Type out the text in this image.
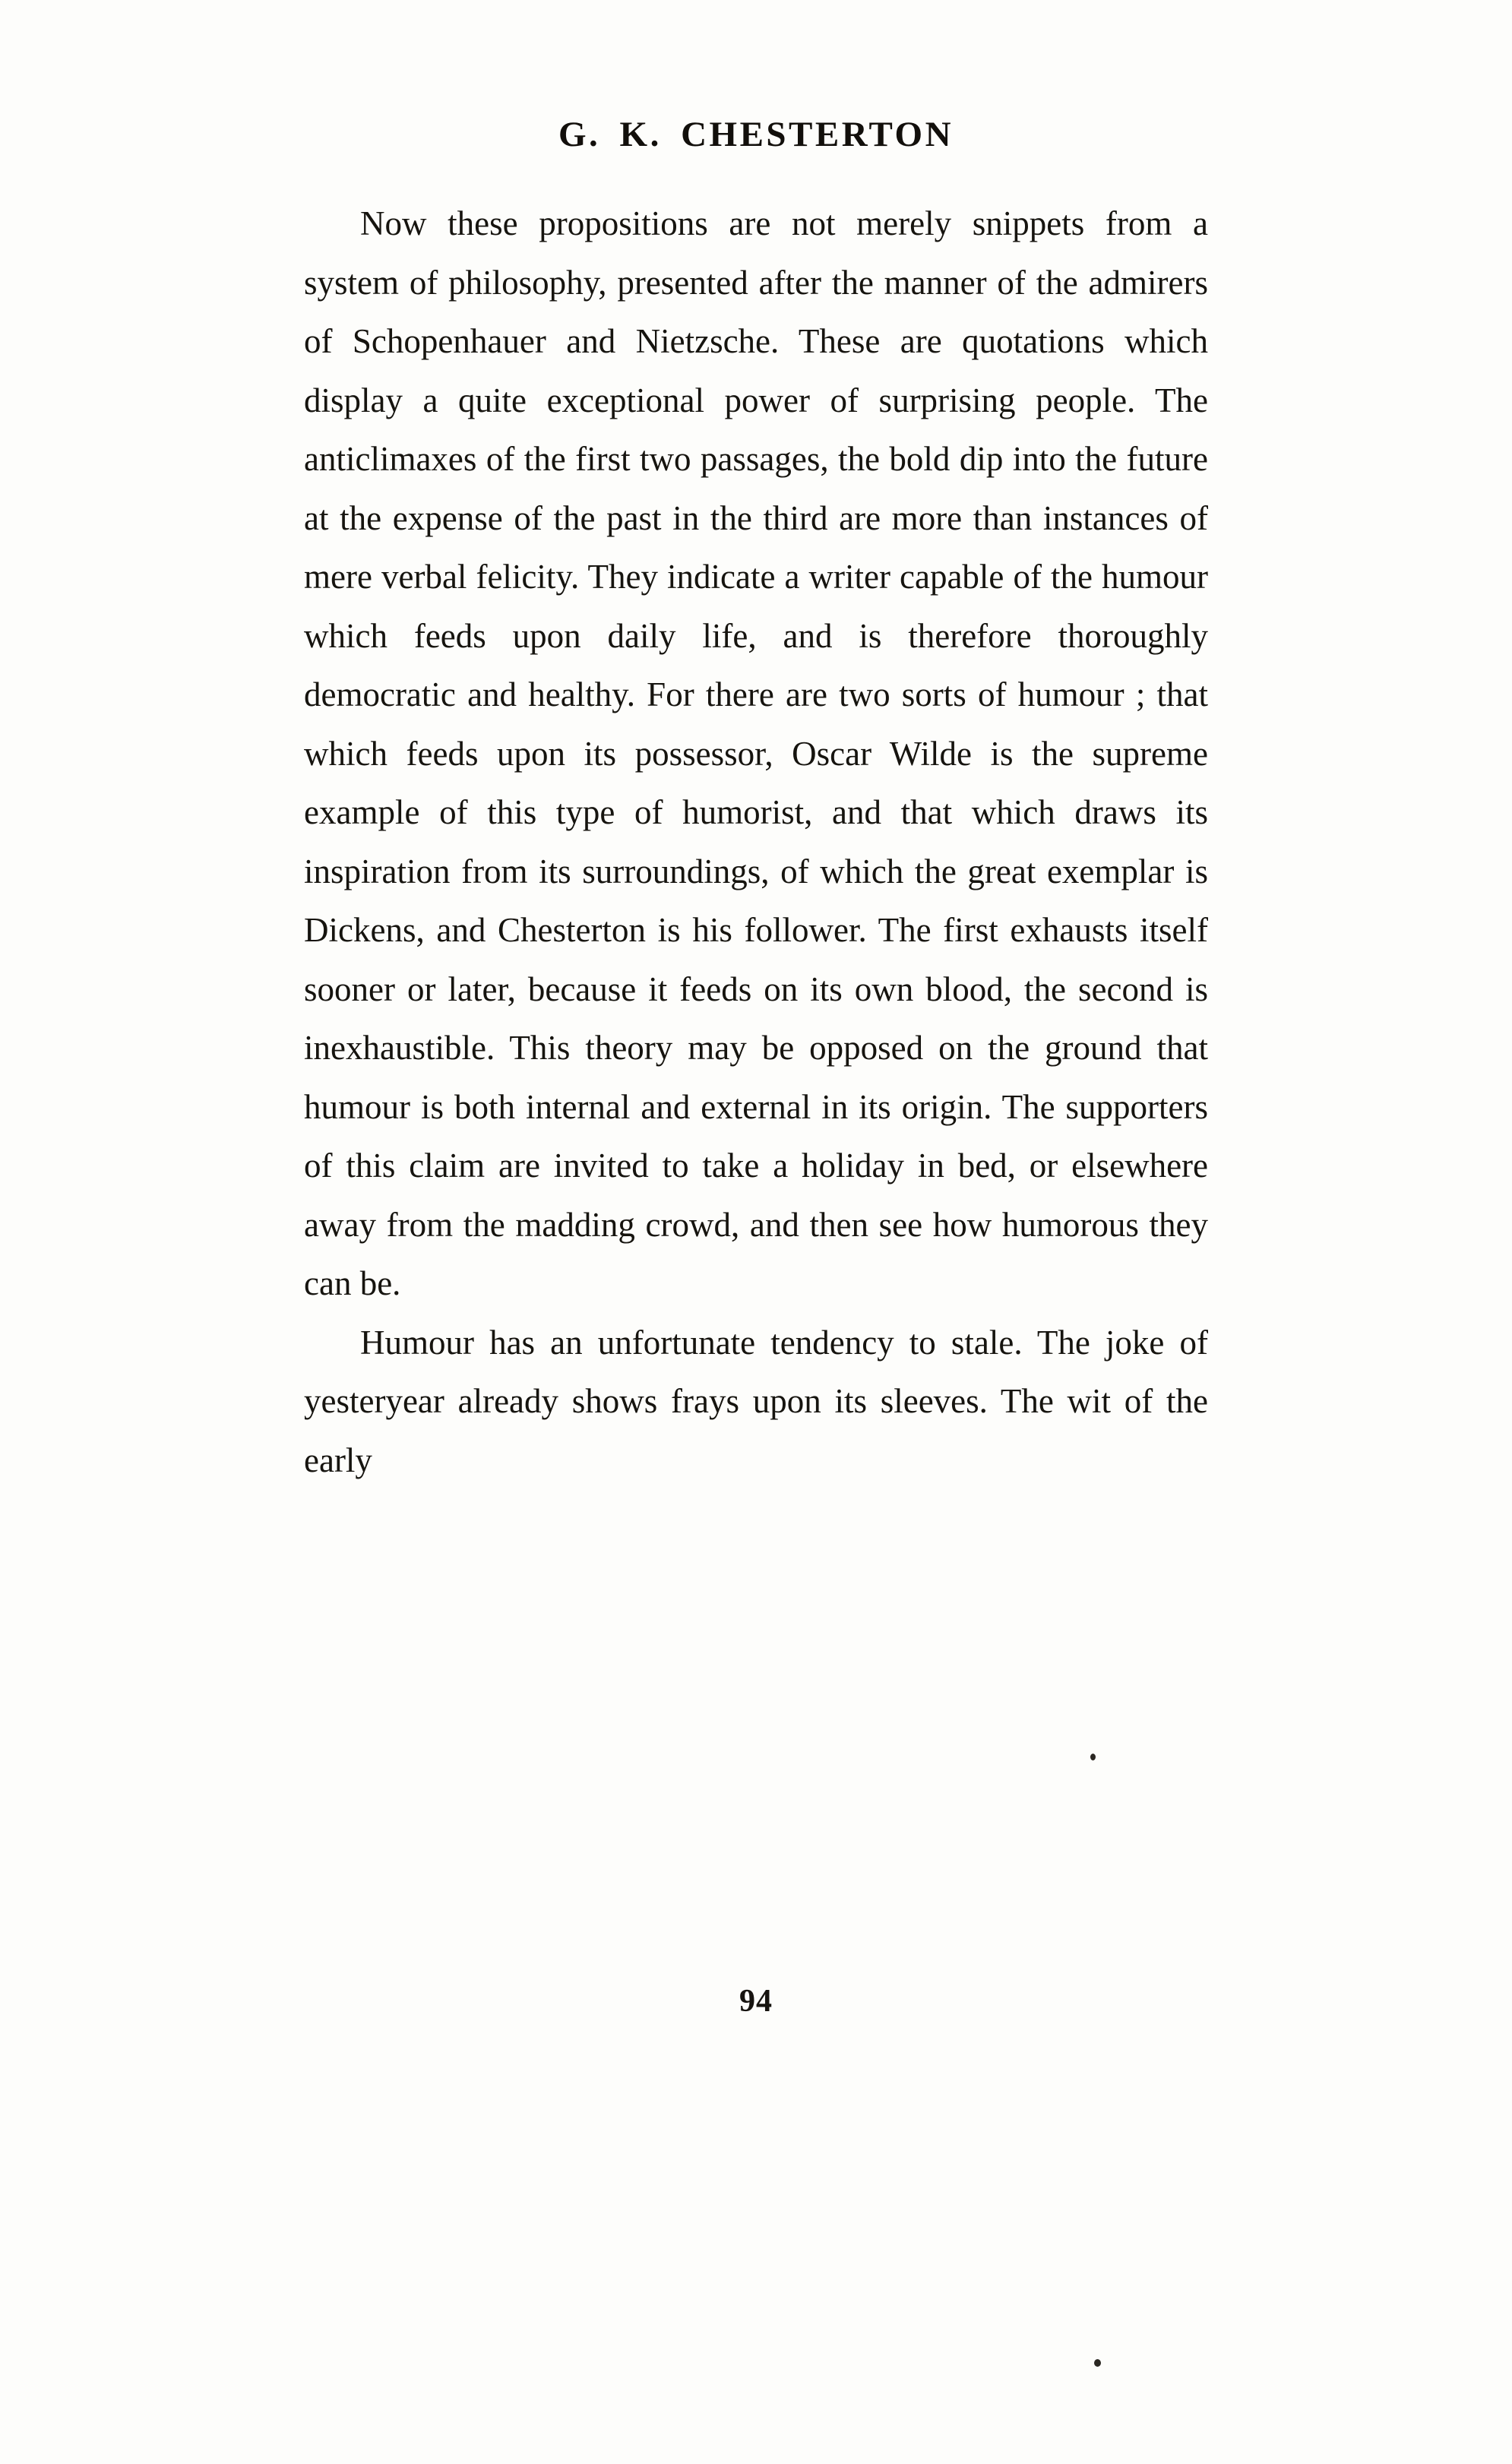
G. K. CHESTERTON

Now these propositions are not merely snippets from a system of philosophy, presented after the manner of the admirers of Schopenhauer and Nietzsche. These are quotations which display a quite exceptional power of surprising people. The anticlimaxes of the first two passages, the bold dip into the future at the expense of the past in the third are more than instances of mere verbal felicity. They indicate a writer capable of the humour which feeds upon daily life, and is therefore thoroughly democratic and healthy. For there are two sorts of humour ; that which feeds upon its possessor, Oscar Wilde is the supreme example of this type of humorist, and that which draws its inspiration from its surroundings, of which the great exemplar is Dickens, and Chesterton is his follower. The first exhausts itself sooner or later, because it feeds on its own blood, the second is inexhaustible. This theory may be opposed on the ground that humour is both internal and external in its origin. The supporters of this claim are invited to take a holiday in bed, or elsewhere away from the madding crowd, and then see how humorous they can be.

Humour has an unfortunate tendency to stale. The joke of yesteryear already shows frays upon its sleeves. The wit of the early

94
